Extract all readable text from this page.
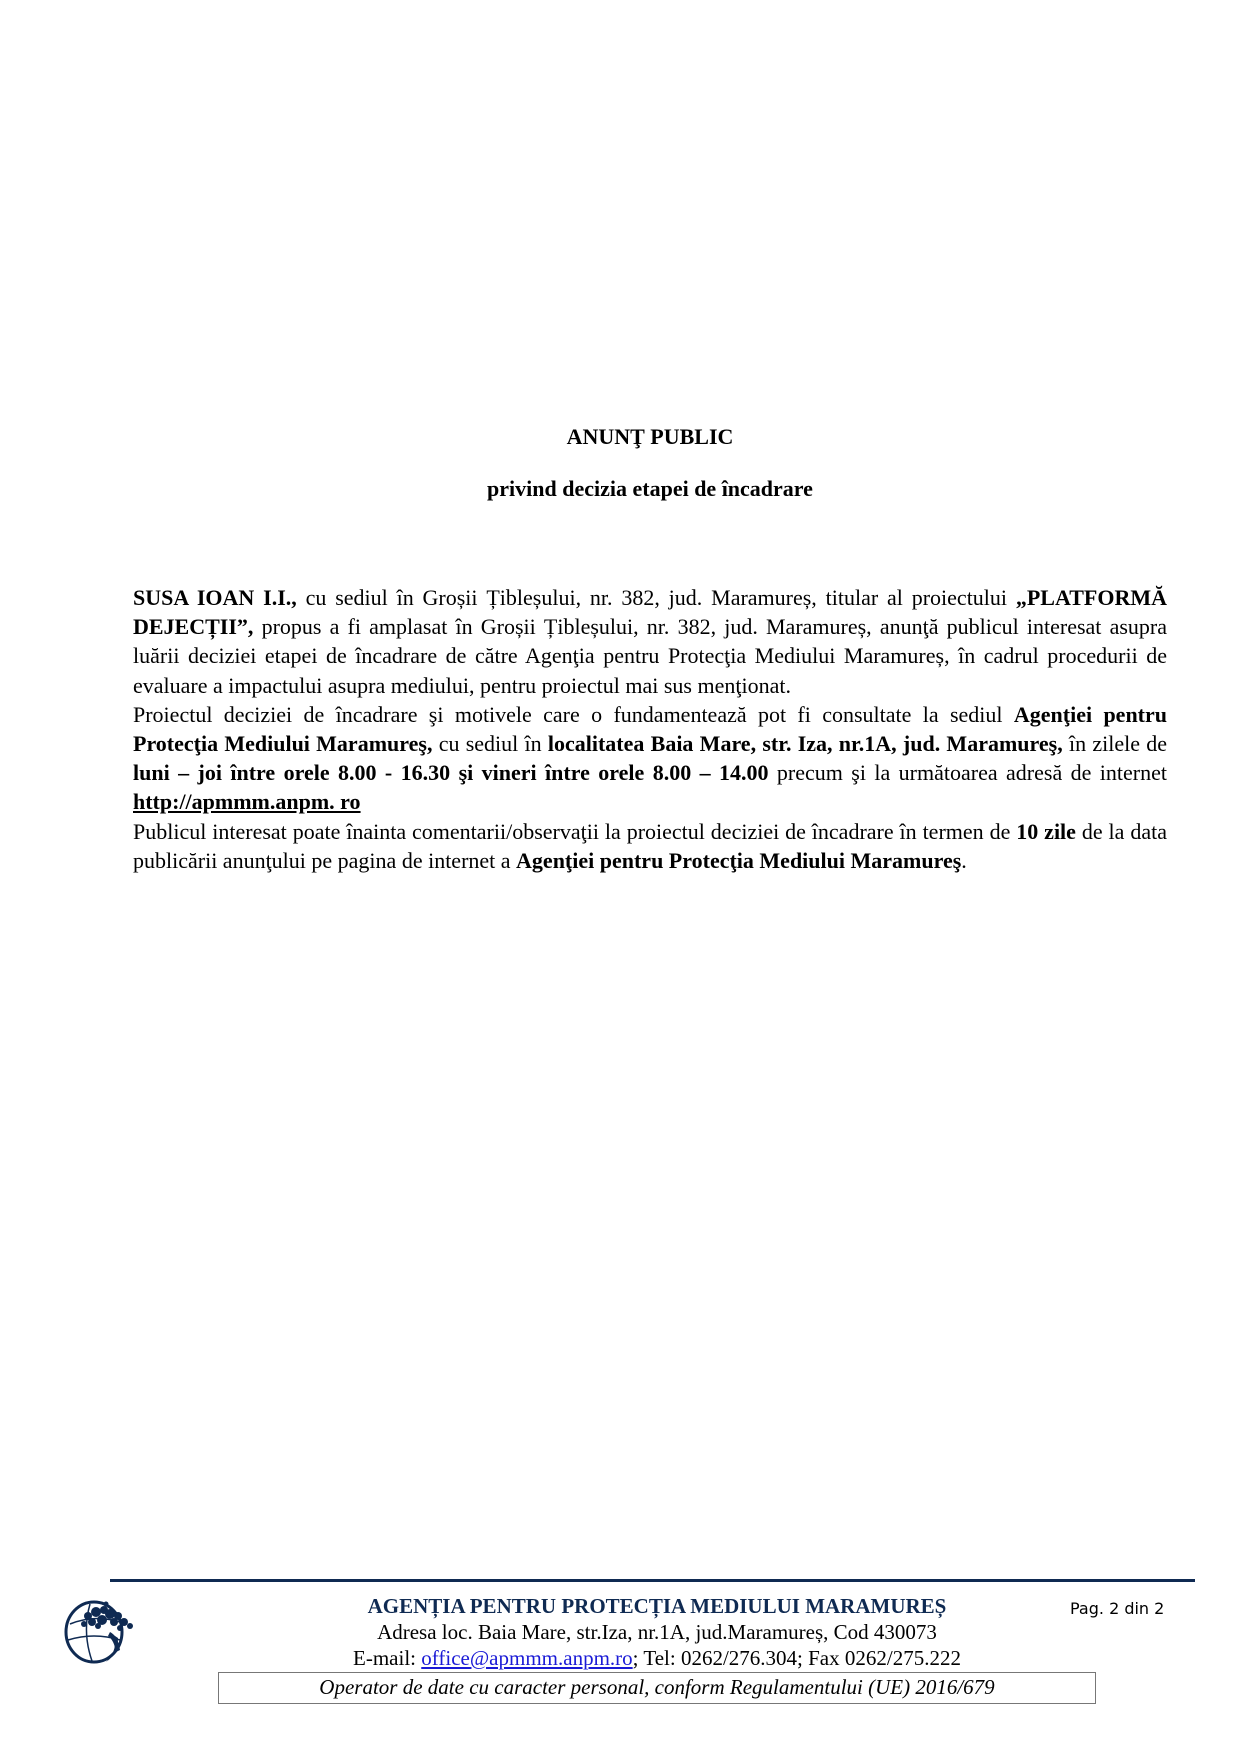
ANUNŢ PUBLIC
privind decizia etapei de încadrare

SUSA IOAN I.I., cu sediul în Groșii Țibleșului, nr. 382, jud. Maramureș, titular al proiectului „PLATFORMĂ DEJECȚII”, propus a fi amplasat în Groșii Țibleșului, nr. 382, jud. Maramureș, anunţă publicul interesat asupra luării deciziei etapei de încadrare de către Agenţia pentru Protecţia Mediului Maramureș, în cadrul procedurii de evaluare a impactului asupra mediului, pentru proiectul mai sus menţionat.

Proiectul deciziei de încadrare şi motivele care o fundamentează pot fi consultate la sediul Agenţiei pentru Protecţia Mediului Maramureş, cu sediul în localitatea Baia Mare, str. Iza, nr.1A, jud. Maramureş, în zilele de luni – joi între orele 8.00 - 16.30 şi vineri între orele 8.00 – 14.00 precum şi la următoarea adresă de internet  http://apmmm.anpm. ro

Publicul interesat poate înainta comentarii/observaţii la proiectul deciziei de încadrare în termen de 10 zile de la data publicării anunţului pe pagina de internet a Agenţiei pentru Protecţia Mediului Maramureş.

AGENȚIA PENTRU PROTECȚIA MEDIULUI MARAMUREȘ
Adresa loc. Baia Mare, str.Iza, nr.1A, jud.Maramureș, Cod 430073
E-mail: office@apmmm.anpm.ro; Tel: 0262/276.304; Fax 0262/275.222
Operator de date cu caracter personal, conform Regulamentului (UE) 2016/679
Pag. 2 din 2
